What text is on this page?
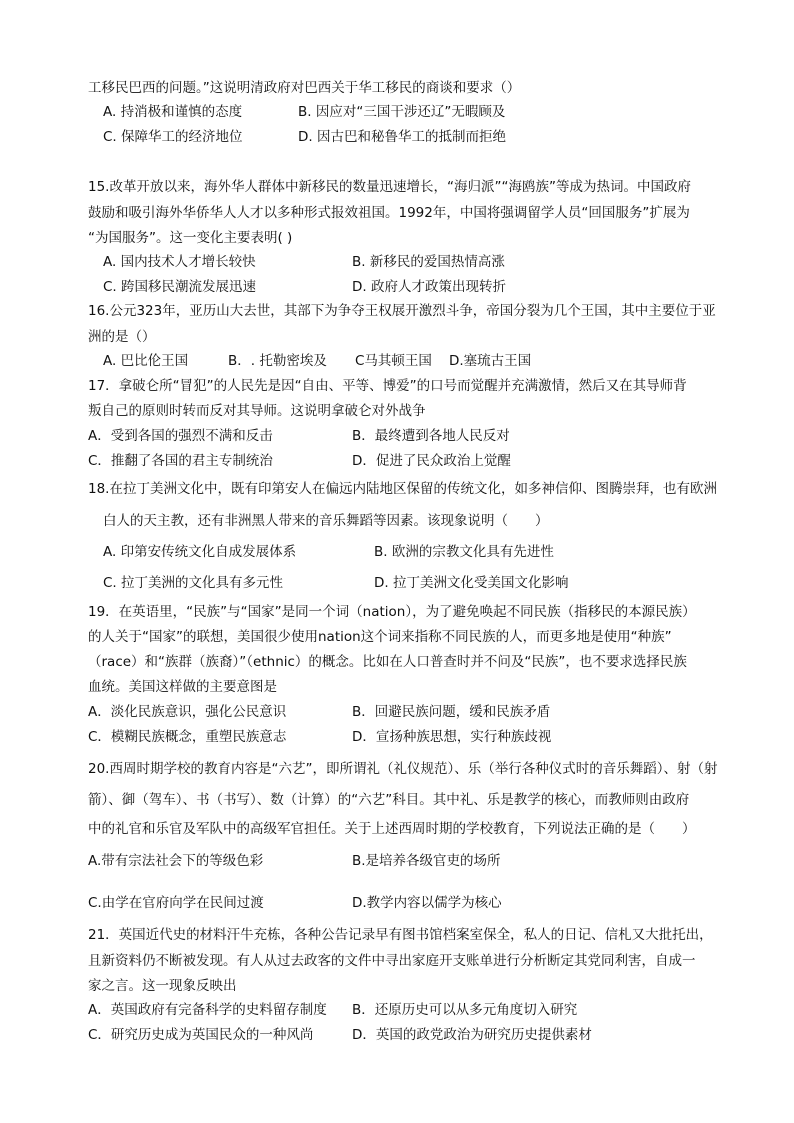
工移民巴西的问题。”这说明清政府对巴西关于华工移民的商谈和要求（）
A. 持消极和谨慎的态度	B. 因应对“三国干涉还辽”无暇顾及
C. 保障华工的经济地位	D. 因古巴和秘鲁华工的抵制而拒绝
15.改革开放以来，海外华人群体中新移民的数量迅速增长，“海归派”“海鸥族”等成为热词。中国政府
鼓励和吸引海外华侨华人人才以多种形式报效祖国。1992年，中国将强调留学人员“回国服务”扩展为
“为国服务”。这一变化主要表明( )
A. 国内技术人才增长较快	B. 新移民的爱国热情高涨
C. 跨国移民潮流发展迅速	D. 政府人才政策出现转折
16.公元323年，亚历山大去世，其部下为争夺王权展开激烈斗争，帝国分裂为几个王国，其中主要位于亚
洲的是（）
A. 巴比伦王国	B．. 托勒密埃及 C马其顿王国 D.塞琉古王国
17．拿破仑所“冒犯”的人民先是因“自由、平等、博爱”的口号而觉醒并充满激情，然后又在其导师背
叛自己的原则时转而反对其导师。这说明拿破仑对外战争
A．受到各国的强烈不满和反击	B．最终遭到各地人民反对
C．推翻了各国的君主专制统治	D．促进了民众政治上觉醒
18.在拉丁美洲文化中，既有印第安人在偏远内陆地区保留的传统文化，如多神信仰、图腾崇拜，也有欧洲
白人的天主教，还有非洲黑人带来的音乐舞蹈等因素。该现象说明（　　）
A. 印第安传统文化自成发展体系	B. 欧洲的宗教文化具有先进性
C. 拉丁美洲的文化具有多元性	D. 拉丁美洲文化受美国文化影响
19．在英语里，“民族”与“国家”是同一个词（nation），为了避免唤起不同民族（指移民的本源民族）
的人关于“国家”的联想，美国很少使用nation这个词来指称不同民族的人，而更多地是使用“种族”
（race）和“族群（族裔）”（ethnic）的概念。比如在人口普查时并不问及“民族”，也不要求选择民族
血统。美国这样做的主要意图是
A．淡化民族意识，强化公民意识	B．回避民族问题，缓和民族矛盾
C．模糊民族概念，重塑民族意志	D．宣扬种族思想，实行种族歧视
20.西周时期学校的教育内容是“六艺”，即所谓礼（礼仪规范）、乐（举行各种仪式时的音乐舞蹈）、射（射
箭）、御（驾车）、书（书写）、数（计算）的“六艺”科目。其中礼、乐是教学的核心，而教师则由政府
中的礼官和乐官及军队中的高级军官担任。关于上述西周时期的学校教育，下列说法正确的是（　　）
A.带有宗法社会下的等级色彩	B.是培养各级官吏的场所
C.由学在官府向学在民间过渡	D.教学内容以儒学为核心
21．英国近代史的材料汗牛充栋，各种公告记录早有图书馆档案室保全，私人的日记、信札又大批托出，
且新资料仍不断被发现。有人从过去政客的文件中寻出家庭开支账单进行分析断定其党同利害，自成一
家之言。这一现象反映出
A．英国政府有完备科学的史料留存制度 B．还原历史可以从多元角度切入研究
C．研究历史成为英国民众的一种风尚	D．英国的政党政治为研究历史提供素材
